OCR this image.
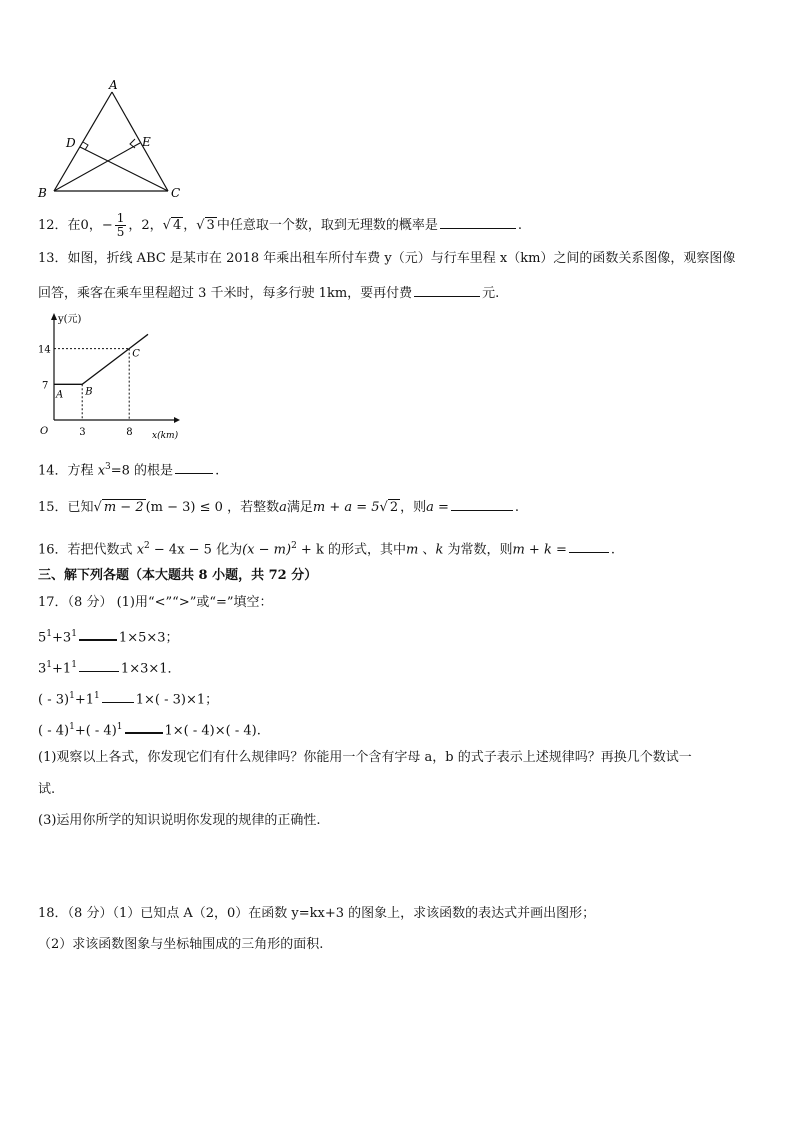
A
B	C
D	E
12．在0，− $\frac{1}{5}$ ，2，√ 4 ，√ 3 中任意取一个数，取到无理数的概率是	.
13．如图，折线 ABC 是某市在 2018 年乘出租车所付车费 y（元）与行车里程 x（km）之间的函数关系图像，观察图像
回答，乘客在乘车里程超过 3 千米时，每多行驶 1km，要再付费	元.
y(元)
x(km)
O	3	8
7
14
A B
C
14．方程 $x^3=8$ 的根是	.
15．已知√ m − 2 (m − 3) ≤ 0 ，若整数a满足m + a = 5√ 2 ，则a =	.
16．若把代数式 $x^2 - 4x - 5$ 化为$(x - m)^2 + k$ 的形式，其中m 、k 为常数，则m + k =	.
三、解下列各题（本大题共 8 小题，共 72 分）
17．（8 分） (1)用“<”“>”或“=”填空：
$5^1+3^1$	1×5×3；
$3^1+1^1$	1×3×1．
( - $3)^1+1^1$	1×( - 3)×1；
( - 4)$^1$+( - 4)$^1$	1×( - 4)×( - 4).
(1)观察以上各式，你发现它们有什么规律吗？你能用一个含有字母 a，b 的式子表示上述规律吗？再换几个数试一
试.
(3)运用你所学的知识说明你发现的规律的正确性.
18．（8 分）（1）已知点 A（2，0）在函数 y=kx+3 的图象上，求该函数的表达式并画出图形；
（2）求该函数图象与坐标轴围成的三角形的面积.
